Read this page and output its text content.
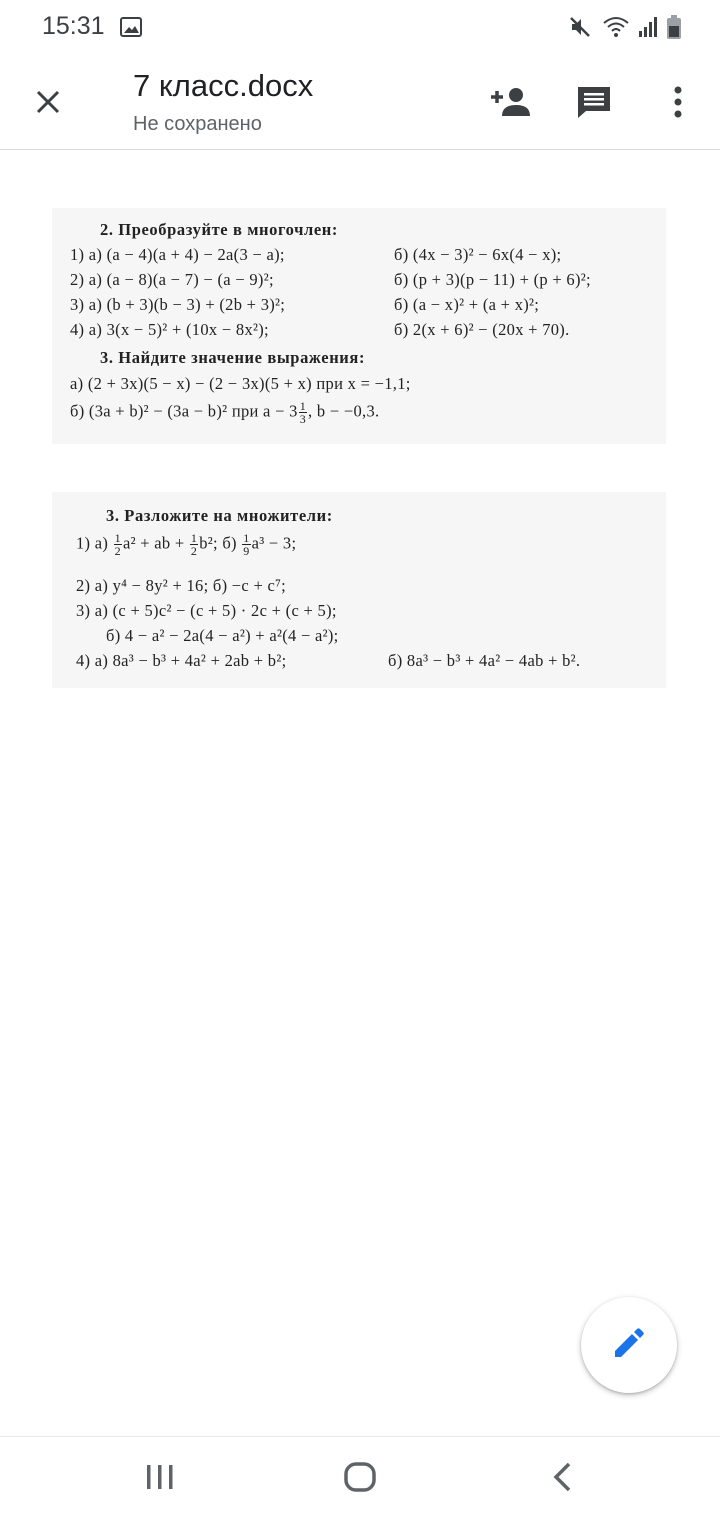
15:31
7 класс.docx
Не сохранено
2. Преобразуйте в многочлен:
1) а) (a − 4)(a + 4) − 2a(3 − a);	б) (4x − 3)² − 6x(4 − x);
2) а) (a − 8)(a − 7) − (a − 9)²;	б) (p + 3)(p − 11) + (p + 6)²;
3) а) (b + 3)(b − 3) + (2b + 3)²;	б) (a − x)² + (a + x)²;
4) а) 3(x − 5)² + (10x − 8x²);	б) 2(x + 6)² − (20x + 70).
3. Найдите значение выражения:
а) (2 + 3x)(5 − x) − (2 − 3x)(5 + x) при x = −1,1;
б) (3a + b)² − (3a − b)² при $a - 3 \frac{1}{3}$ , b − −0,3.
3. Разложите на множители:
1) $а) \frac{1}{2} a^2$ + ab + $\frac{1}{2} b^2$; $б) \frac{1}{9} a^3 - 3$;
2) а) y⁴ − 8y² + 16; б) −c + c⁷;
3) а) (c + 5)c² − (c + 5) · 2c + (c + 5);
б) 4 − a² − 2a(4 − a²) + a²(4 − a²);
4) а) 8a³ − b³ + 4a² + 2ab + b²;	б) 8a³ − b³ + 4a² − 4ab + b².
